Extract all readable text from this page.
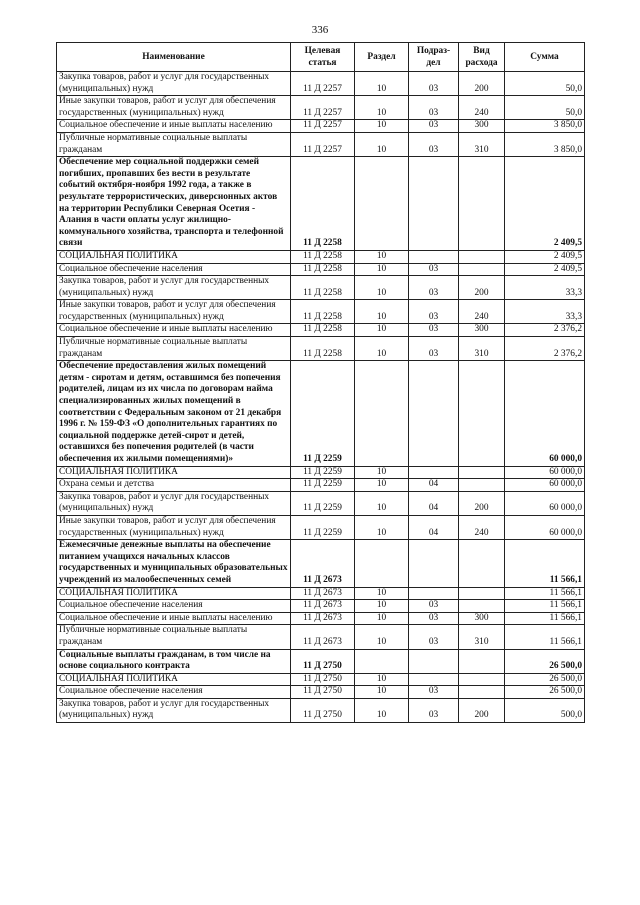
336
Наименование	Целевая статья	Раздел	Подраз-дел	Вид расхода	Сумма
Закупка товаров, работ и услуг для государственных (муниципальных) нужд	11 Д 2257	10	03	200	50,0
Иные закупки товаров, работ и услуг для обеспечения государственных (муниципальных) нужд	11 Д 2257	10	03	240	50,0
Социальное обеспечение и иные выплаты населению	11 Д 2257	10	03	300	3 850,0
Публичные нормативные социальные выплаты гражданам	11 Д 2257	10	03	310	3 850,0
Обеспечение мер социальной поддержки семей погибших, пропавших без вести в результате событий октября-ноября 1992 года, а также в результате террористических, диверсионных актов на территории Республики Северная Осетия - Алания в части оплаты услуг жилищно-коммунального хозяйства, транспорта и телефонной связи	11 Д 2258				2 409,5
СОЦИАЛЬНАЯ ПОЛИТИКА	11 Д 2258	10			2 409,5
Социальное обеспечение населения	11 Д 2258	10	03		2 409,5
Закупка товаров, работ и услуг для государственных (муниципальных) нужд	11 Д 2258	10	03	200	33,3
Иные закупки товаров, работ и услуг для обеспечения государственных (муниципальных) нужд	11 Д 2258	10	03	240	33,3
Социальное обеспечение и иные выплаты населению	11 Д 2258	10	03	300	2 376,2
Публичные нормативные социальные выплаты гражданам	11 Д 2258	10	03	310	2 376,2
Обеспечение предоставления жилых помещений детям - сиротам и детям, оставшимся без попечения родителей, лицам из их числа по договорам найма специализированных жилых помещений в соответствии с Федеральным законом от 21 декабря 1996 г. № 159-ФЗ «О дополнительных гарантиях по социальной поддержке детей-сирот и детей, оставшихся без попечения родителей (в части обеспечения их жилыми помещениями)»	11 Д 2259				60 000,0
СОЦИАЛЬНАЯ ПОЛИТИКА	11 Д 2259	10			60 000,0
Охрана семьи и детства	11 Д 2259	10	04		60 000,0
Закупка товаров, работ и услуг для государственных (муниципальных) нужд	11 Д 2259	10	04	200	60 000,0
Иные закупки товаров, работ и услуг для обеспечения государственных (муниципальных) нужд	11 Д 2259	10	04	240	60 000,0
Ежемесячные денежные выплаты на обеспечение питанием учащихся начальных классов государственных и муниципальных образовательных учреждений из малообеспеченных семей	11 Д 2673				11 566,1
СОЦИАЛЬНАЯ ПОЛИТИКА	11 Д 2673	10			11 566,1
Социальное обеспечение населения	11 Д 2673	10	03		11 566,1
Социальное обеспечение и иные выплаты населению	11 Д 2673	10	03	300	11 566,1
Публичные нормативные социальные выплаты гражданам	11 Д 2673	10	03	310	11 566,1
Социальные выплаты гражданам, в том числе на основе социального контракта	11 Д 2750				26 500,0
СОЦИАЛЬНАЯ ПОЛИТИКА	11 Д 2750	10			26 500,0
Социальное обеспечение населения	11 Д 2750	10	03		26 500,0
Закупка товаров, работ и услуг для государственных (муниципальных) нужд	11 Д 2750	10	03	200	500,0
